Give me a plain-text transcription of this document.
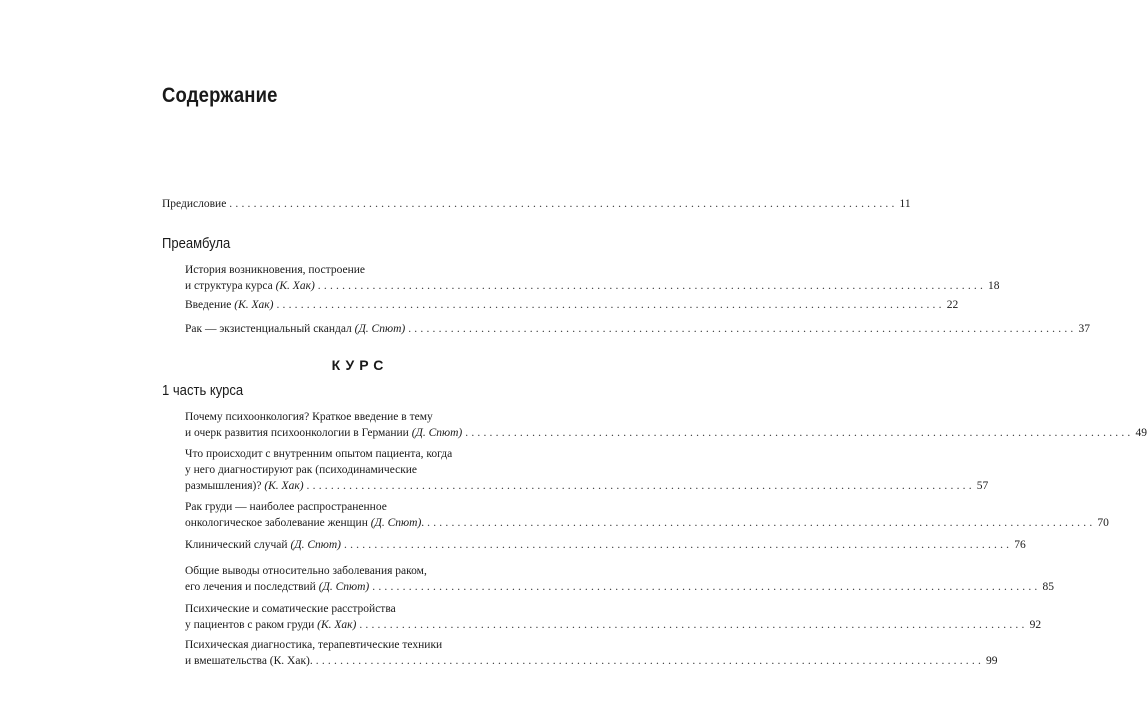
Содержание
Предисловие .............................................................................................................. 11
Преамбула
История возникновения, построение
и структура курса (К. Хак) .............................................................................................................. 18
Введение (К. Хак) .............................................................................................................. 22
Рак — экзистенциальный скандал (Д. Спют) .............................................................................................................. 37
КУРС
1 часть курса
Почему психоонкология? Краткое введение в тему
и очерк развития психоонкологии в Германии (Д. Спют) .............................................................................................................. 49
Что происходит с внутренним опытом пациента, когда
у него диагностируют рак (психодинамические
размышления)? (К. Хак) .............................................................................................................. 57
Рак груди — наиболее распространенное
онкологическое заболевание женщин (Д. Спют). .............................................................................................................. 70
Клинический случай (Д. Спют) .............................................................................................................. 76
Общие выводы относительно заболевания раком,
его лечения и последствий (Д. Спют) .............................................................................................................. 85
Психические и соматические расстройства
у пациентов с раком груди (К. Хак) .............................................................................................................. 92
Психическая диагностика, терапевтические техники
и вмешательства (К. Хак). .............................................................................................................. 99
